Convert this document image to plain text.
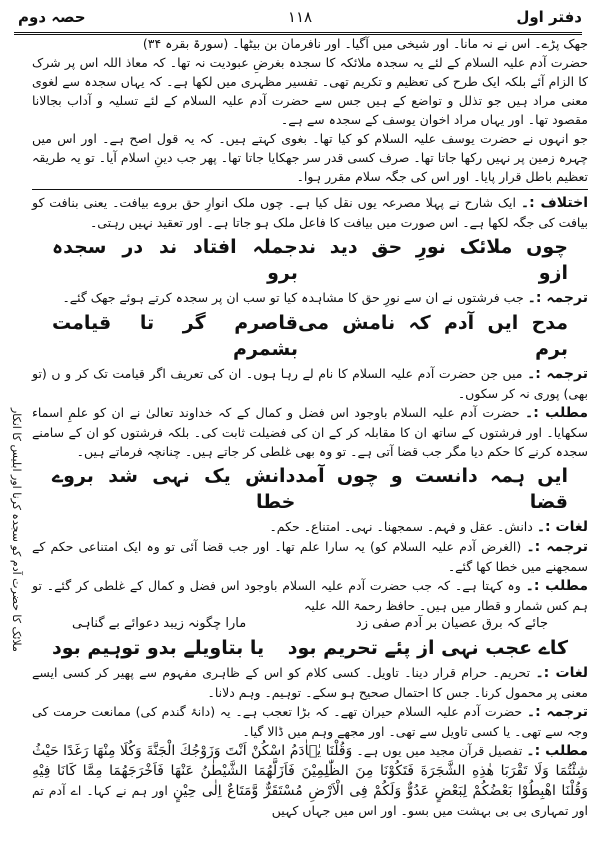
دفتر اول
۱۱۸
حصہ دوم
ملائک کا حضرت آدم کو سجدہ کرنا اور ابلیس کا انکار

جھک پڑے۔ اس نے نہ مانا۔ اور شیخی میں آگیا۔ اور نافرمان بن بیٹھا۔ (سورۃ بقرہ ۳۴)

حضرت آدم علیہ السلام کے لئے یہ سجدہ ملائکہ کا سجدہ بغرضِ عبودیت نہ تھا۔ کہ معاذ اللہ اس پر شرک کا الزام آئے بلکہ ایک طرح کی تعظیم و تکریم تھی۔ تفسیر مظہری میں لکھا ہے۔ کہ یہاں سجدہ سے لغوی معنی مراد ہیں جو تذلل و تواضع کے ہیں جس سے حضرت آدم علیہ السلام کے لئے تسلیہ و آداب بجالانا مقصود تھا۔ اور یہاں مراد اخوان یوسف کے سجدہ سے ہے۔

جو انہوں نے حضرت یوسف علیہ السلام کو کیا تھا۔ بغوی کہتے ہیں۔ کہ یہ قول اصح ہے۔ اور اس میں چہرہ زمین پر نہیں رکھا جاتا تھا۔ صرف کسی قدر سر جھکایا جاتا تھا۔ پھر جب دینِ اسلام آیا۔ تو یہ طریقہ تعظیم باطل قرار پایا۔ اور اس کی جگہ سلام مقرر ہوا۔

اختلاف :۔ ایک شارح نے پہلا مصرعہ یوں نقل کیا ہے۔ چوں ملک انوارِ حق بروے بیافت۔ یعنی بنافت کو بیافت کی جگہ لکھا ہے۔ اس صورت میں بیافت کا فاعل ملک ہو جاتا ہے۔ اور تعقید نہیں رہتی۔

چوں ملائک نورِ حق دید ند ازو
جملہ افتاد ند در سجدہ برو

ترجمہ :۔ جب فرشتوں نے ان سے نورِ حق کا مشاہدہ کیا تو سب ان پر سجدہ کرتے ہوئے جھک گئے۔

مدح ایں آدم کہ نامش می برم
قاصرم گر تا قیامت بشمرم

ترجمہ :۔ میں جن حضرت آدم علیہ السلام کا نام لے رہا ہوں۔ ان کی تعریف اگر قیامت تک کر و ں (تو بھی) پوری نہ کر سکوں۔

مطلب :۔ حضرت آدم علیہ السلام باوجود اس فضل و کمال کے کہ خداوند تعالیٰ نے ان کو علمِ اسماء سکھایا۔ اور فرشتوں کے ساتھ ان کا مقابلہ کر کے ان کی فضیلت ثابت کی۔ بلکہ فرشتوں کو ان کے سامنے سجدہ کرنے کا حکم دیا مگر جب قضا آتی ہے۔ تو وہ بھی غلطی کر جاتے ہیں۔ چنانچہ فرماتے ہیں۔

ایں ہمہ دانست و چوں آمد قضا
دانش یک نہی شد بروے خطا

لغات :۔ دانش۔ عقل و فہم۔ سمجھنا۔ نہی۔ امتناع۔ حکم۔

ترجمہ :۔ (الغرض آدم علیہ السلام کو) یہ سارا علم تھا۔ اور جب قضا آئی تو وہ ایک امتناعی حکم کے سمجھنے میں خطا کھا گئے۔

مطلب :۔ وہ کہتا ہے۔ کہ جب حضرت آدم علیہ السلام باوجود اس فضل و کمال کے غلطی کر گئے۔ تو ہم کس شمار و قطار میں ہیں۔ حافظ رحمۃ اللہ علیہ

جائے کہ برق عصیان بر آدم صفی زد
مارا چگونہ زیبد دعوائے بے گناہی
کاے عجب نہی از پئے تحریم بود
یا بتاویلے بدو توہیم بود

لغات :۔ تحریم۔ حرام قرار دینا۔ تاویل۔ کسی کلام کو اس کے ظاہری مفہوم سے پھیر کر کسی ایسے معنی پر محمول کرنا۔ جس کا احتمال صحیح ہو سکے۔ توہیم۔ وہم دلانا۔

ترجمہ :۔ حضرت آدم علیہ السلام حیران تھے۔ کہ بڑا تعجب ہے۔ یہ (دانۂ گندم کی) ممانعت حرمت کی وجہ سے تھی۔ یا کسی تاویل سے تھی۔ اور مجھے وہم میں ڈالا گیا۔

مطلب :۔ تفصیل قرآن مجید میں یوں ہے۔ وَقُلْنَا یٰۤاٰدَمُ اسْكُنْ اَنْتَ وَزَوْجُكَ الْجَنَّةَ وَكُلَا مِنْهَا رَغَدًا حَیْثُ شِئْتُمَا وَلَا تَقْرَبَا هٰذِهِ الشَّجَرَةَ فَتَكُوْنَا مِنَ الظّٰلِمِیْنَ فَاَزَلَّهُمَا الشَّیْطٰنُ عَنْهَا فَاَخْرَجَهُمَا مِمَّا كَانَا فِیْهِ وَقُلْنَا اهْبِطُوْا بَعْضُكُمْ لِبَعْضٍ عَدُوٌّ وَلَكُمْ فِی الْاَرْضِ مُسْتَقَرٌّ وَّمَتَاعٌ اِلٰى حِیْنٍ اور ہم نے کہا۔ اے آدم تم اور تمہاری بی بی بہشت میں بسو۔ اور اس میں جہاں کہیں
